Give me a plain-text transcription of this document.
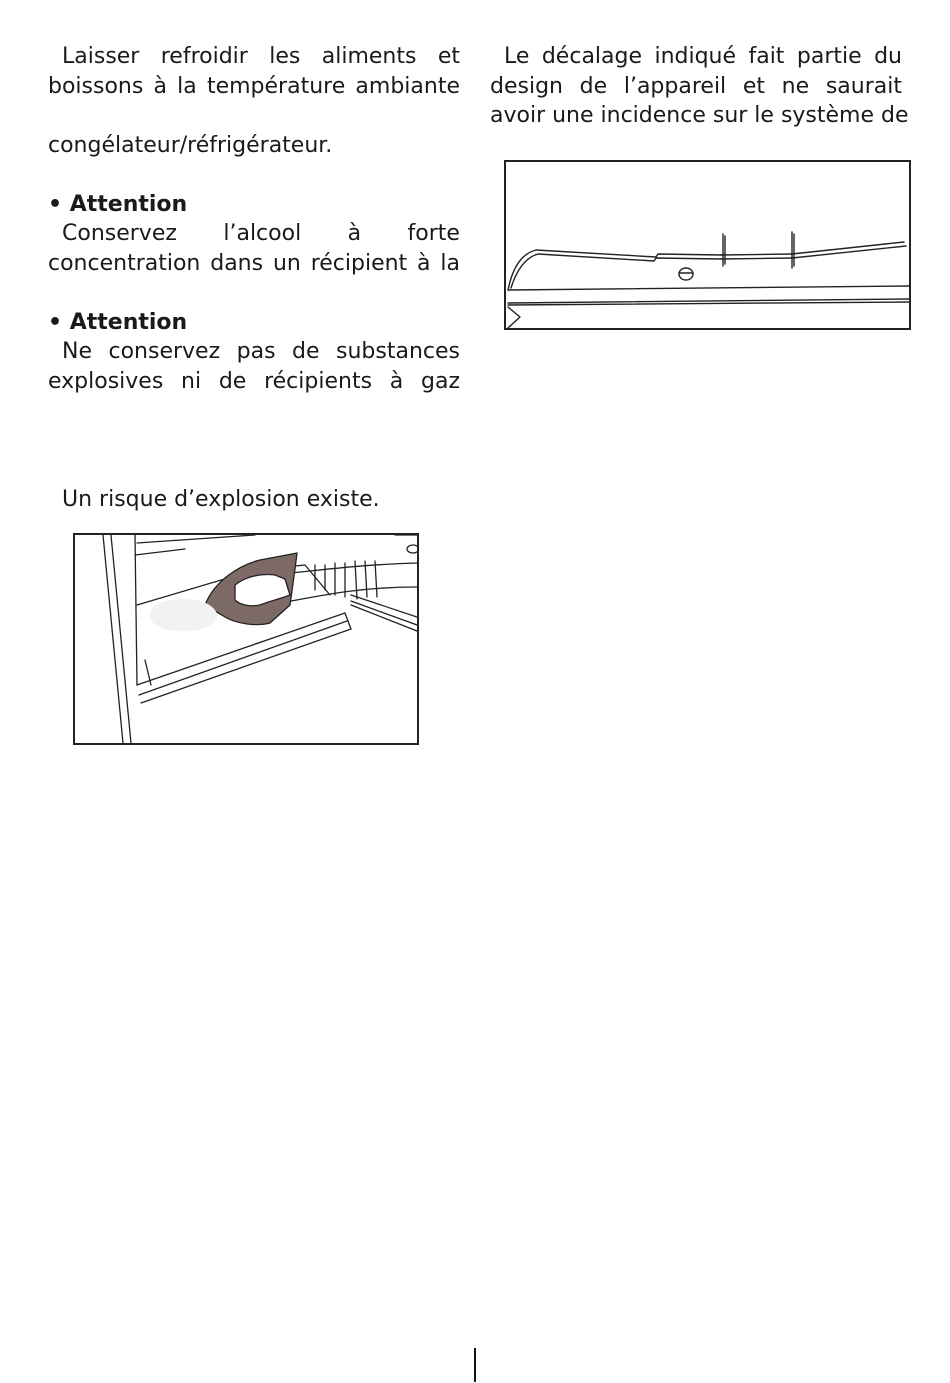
Laisser refroidir les aliments et

boissons à la température ambiante

congélateur/réfrigérateur.

• Attention

Conservez l’alcool à forte

concentration dans un récipient à la

• Attention

Ne conservez pas de substances

explosives ni de récipients à gaz

Un risque d’explosion existe.

Le décalage indiqué fait partie du

design de l’appareil et ne saurait

avoir une incidence sur le système de
